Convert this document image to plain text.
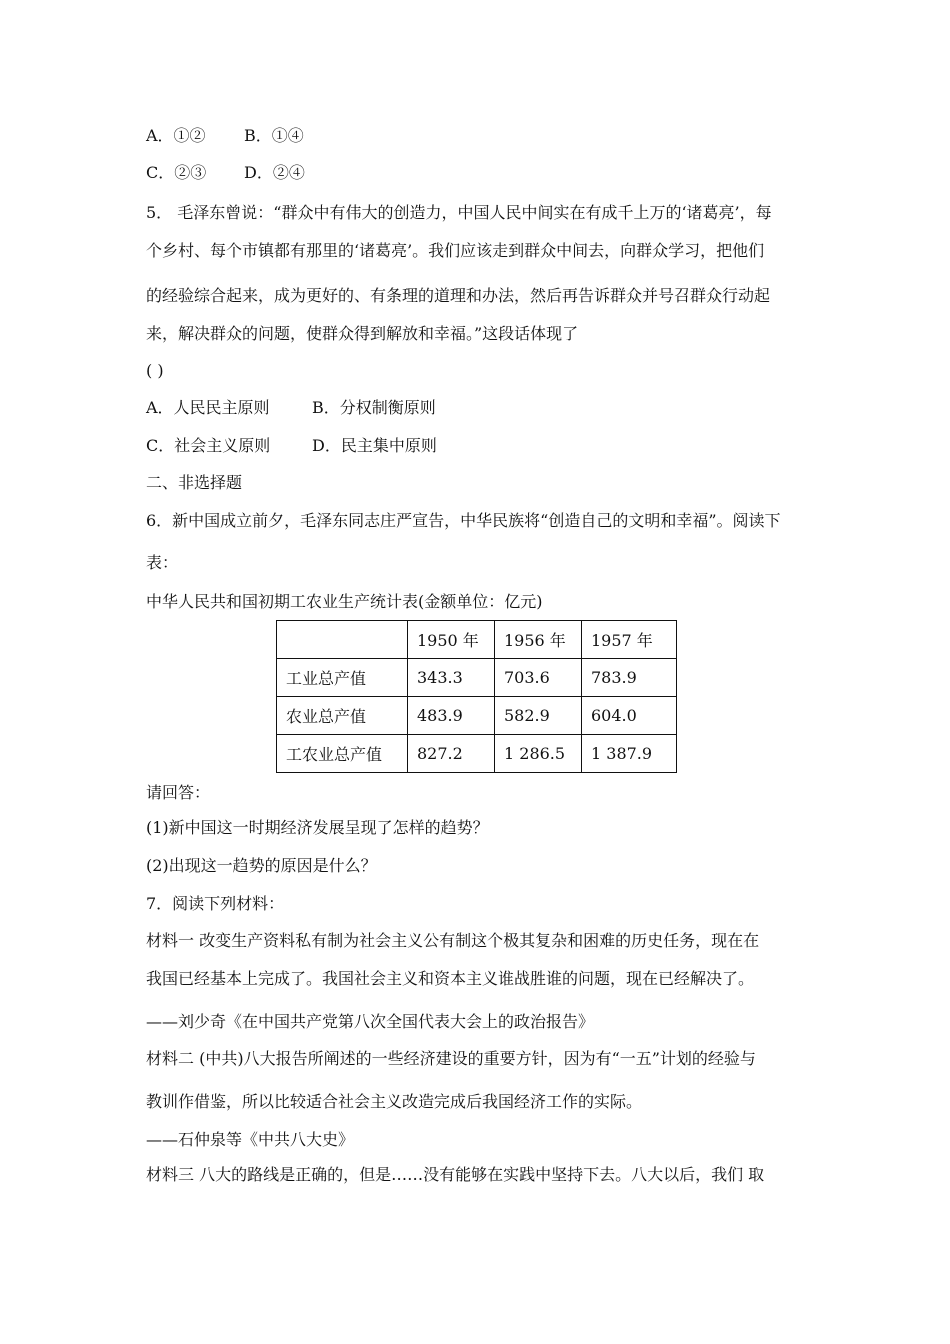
A．①② B．①④
C．②③ D．②④
5． 毛泽东曾说：“群众中有伟大的创造力，中国人民中间实在有成千上万的‘诸葛亮’，每
个乡村、每个市镇都有那里的‘诸葛亮’。我们应该走到群众中间去，向群众学习，把他们
的经验综合起来，成为更好的、有条理的道理和办法，然后再告诉群众并号召群众行动起
来，解决群众的问题，使群众得到解放和幸福。”这段话体现了
( )
A．人民民主原则	B．分权制衡原则
C．社会主义原则	D．民主集中原则
二、非选择题
6．新中国成立前夕，毛泽东同志庄严宣告，中华民族将“创造自己的文明和幸福”。阅读下
表：
中华人民共和国初期工农业生产统计表(金额单位：亿元)
	1950 年	1956 年	1957 年
工业总产值	343.3	703.6	783.9
农业总产值	483.9	582.9	604.0
工农业总产值	827.2	1 286.5	1 387.9
请回答：
(1)新中国这一时期经济发展呈现了怎样的趋势？
(2)出现这一趋势的原因是什么？
7．阅读下列材料：
材料一 改变生产资料私有制为社会主义公有制这个极其复杂和困难的历史任务，现在在
我国已经基本上完成了。我国社会主义和资本主义谁战胜谁的问题，现在已经解决了。
——刘少奇《在中国共产党第八次全国代表大会上的政治报告》
材料二 (中共)八大报告所阐述的一些经济建设的重要方针，因为有“一五”计划的经验与
教训作借鉴，所以比较适合社会主义改造完成后我国经济工作的实际。
——石仲泉等《中共八大史》
材料三 八大的路线是正确的，但是……没有能够在实践中坚持下去。八大以后，我们 取
